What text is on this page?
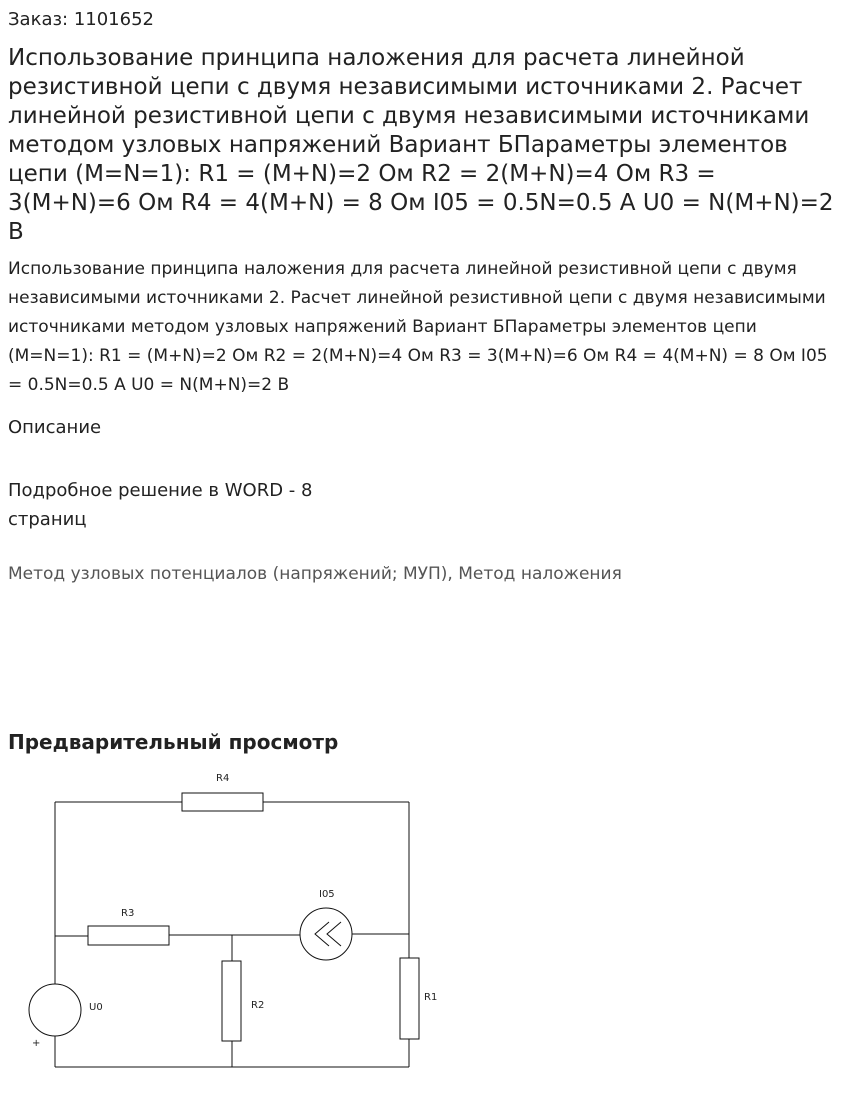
Заказ: 1101652

Использование принципа наложения для расчета линейной резистивной цепи с двумя независимыми источниками 2. Расчет линейной резистивной цепи с двумя независимыми источниками методом узловых напряжений Вариант БПараметры элементов цепи (M=N=1): R1 = (M+N)=2 Ом R2 = 2(M+N)=4 Ом R3 = 3(M+N)=6 Ом R4 = 4(M+N) = 8 Ом I05 = 0.5N=0.5 А U0 = N(M+N)=2 В

Использование принципа наложения для расчета линейной резистивной цепи с двумя независимыми источниками 2. Расчет линейной резистивной цепи с двумя независимыми источниками методом узловых напряжений Вариант БПараметры элементов цепи (M=N=1): R1 = (M+N)=2 Ом R2 = 2(M+N)=4 Ом R3 = 3(M+N)=6 Ом R4 = 4(M+N) = 8 Ом I05 = 0.5N=0.5 А U0 = N(M+N)=2 В

Описание

Подробное решение в WORD - 8 страниц

Метод узловых потенциалов (напряжений; МУП), Метод наложения

Предварительный просмотр
R4
R3
R2
R1
I05
U0
+
